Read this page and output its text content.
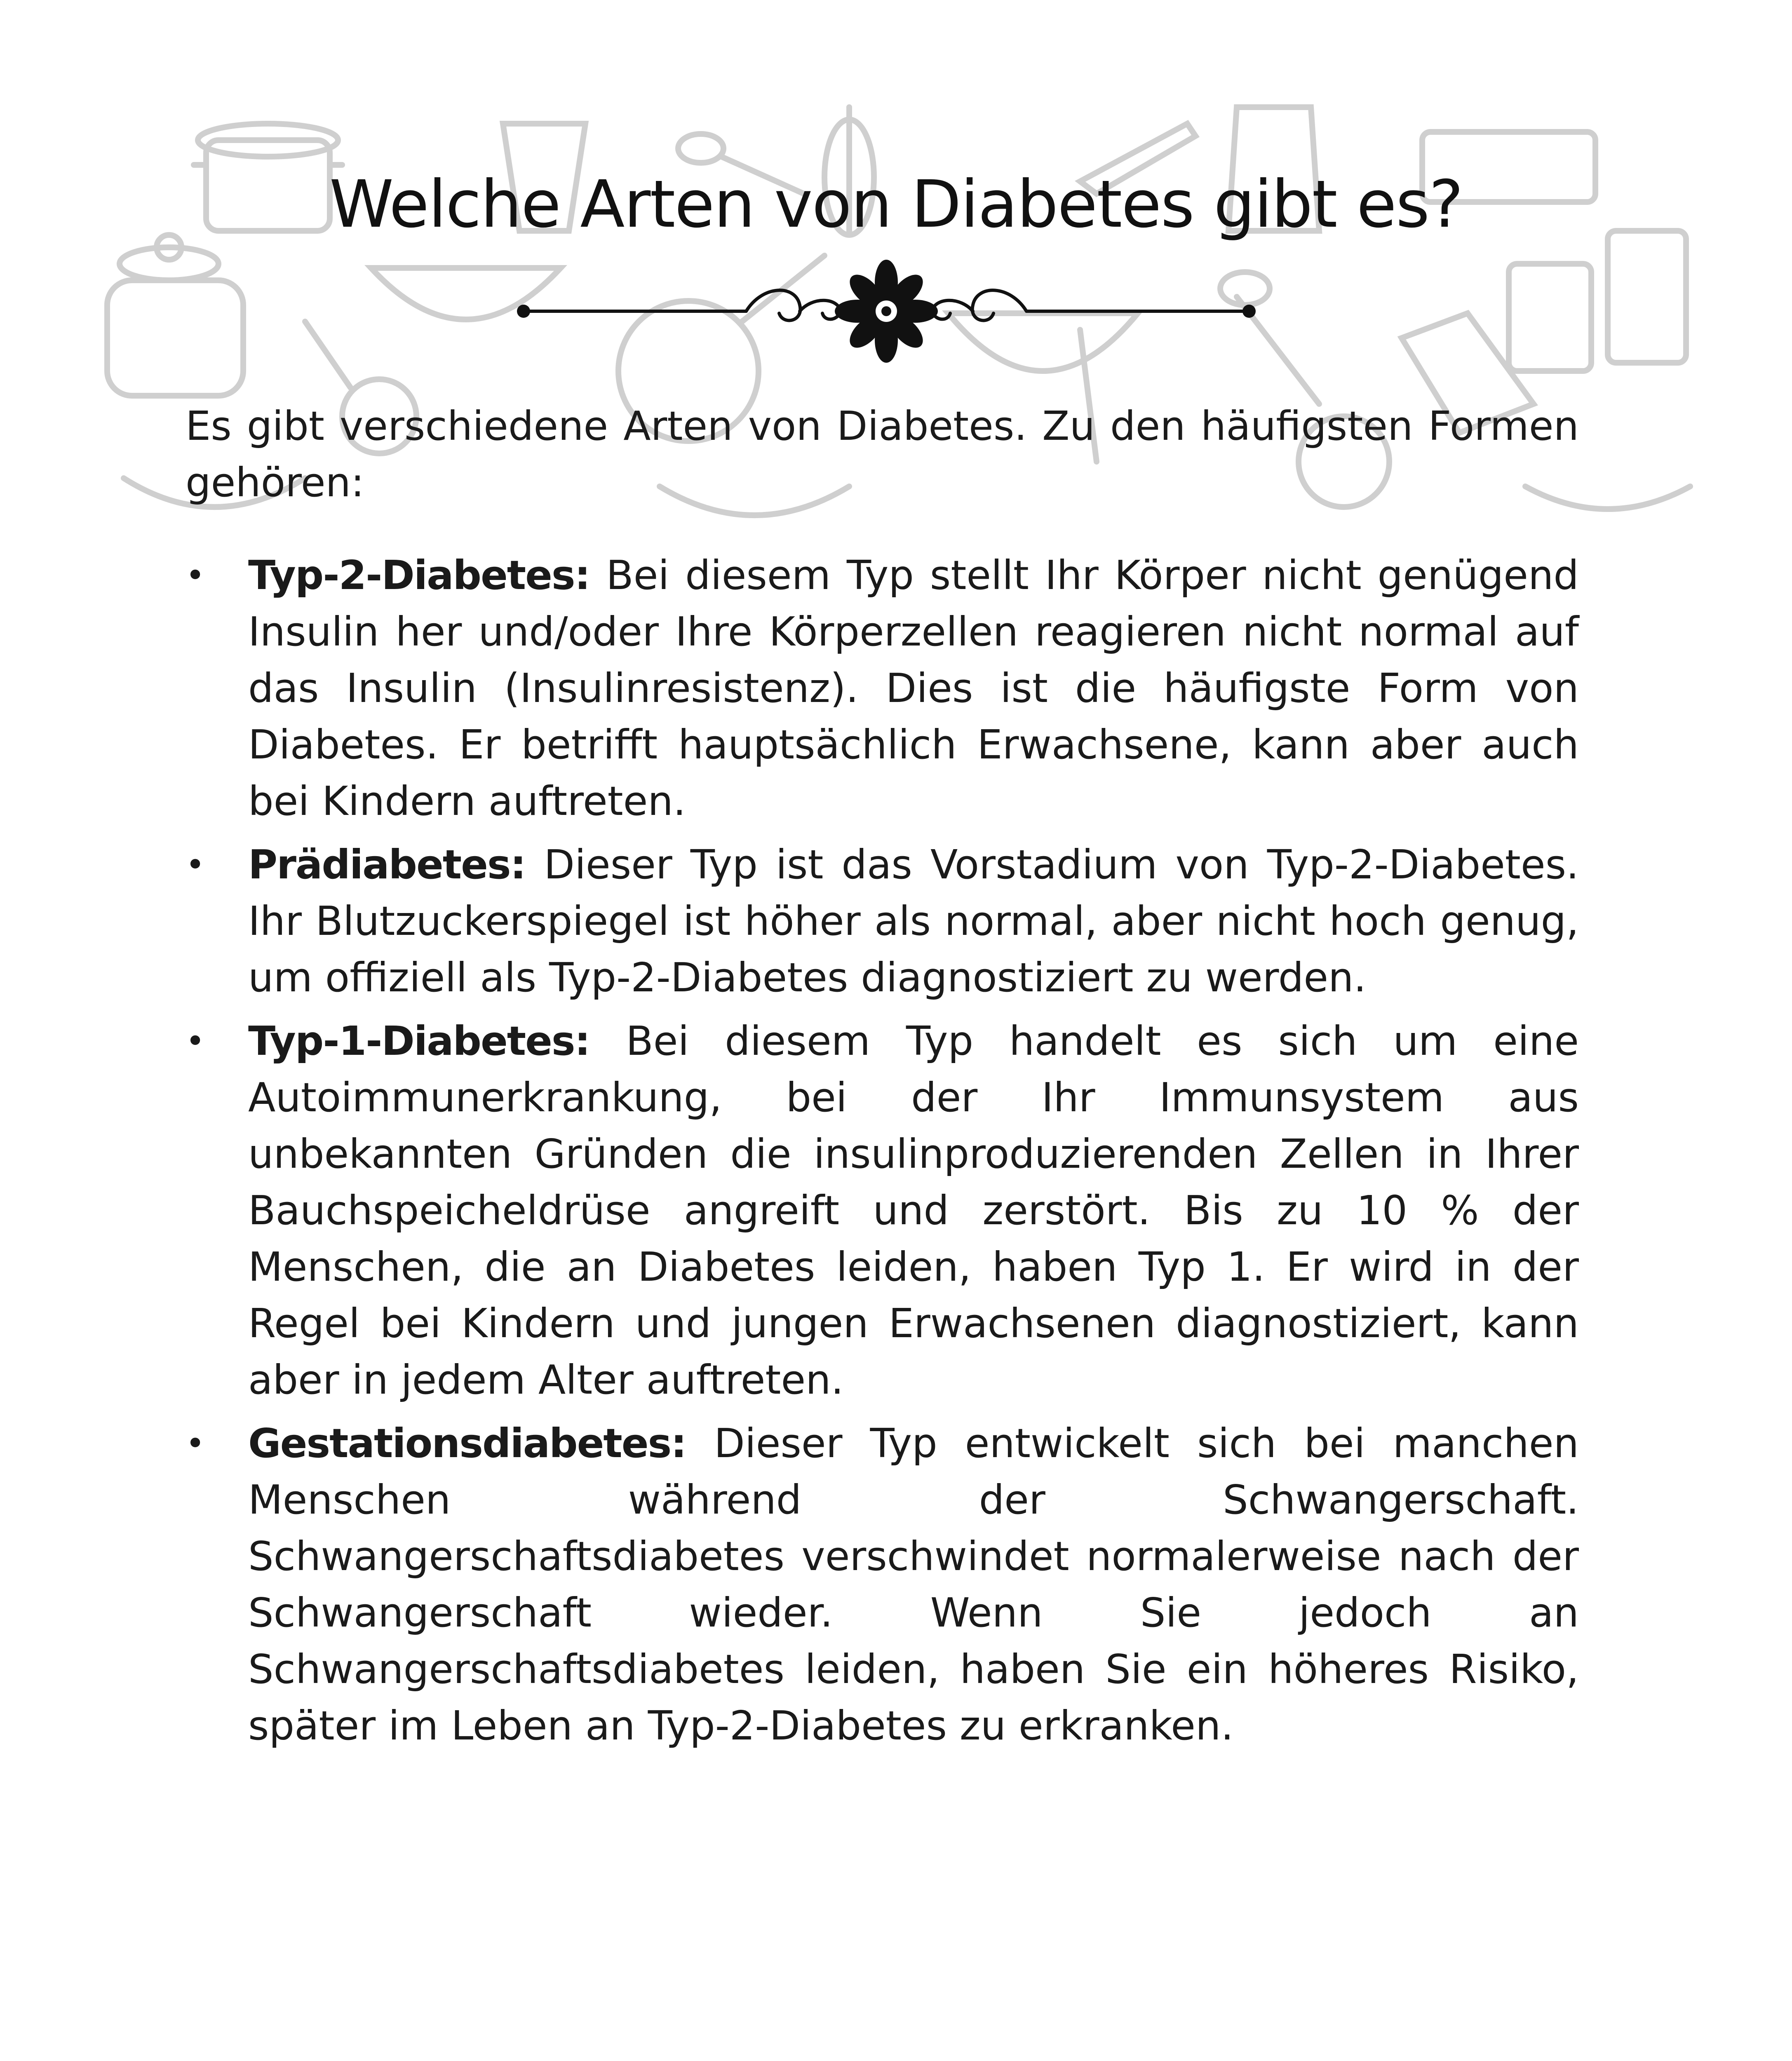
Welche Arten von Diabetes gibt es?

Es gibt verschiedene Arten von Diabetes. Zu den häufigsten Formen gehören:

•	Typ-2-Diabetes: Bei diesem Typ stellt Ihr Körper nicht genügend Insulin her und/oder Ihre Körperzellen reagieren nicht normal auf das Insulin (Insulinresistenz). Dies ist die häufigste Form von Diabetes. Er betrifft hauptsächlich Erwachsene, kann aber auch bei Kindern auftreten.
•	Prädiabetes: Dieser Typ ist das Vorstadium von Typ-2-Diabetes. Ihr Blutzuckerspiegel ist höher als normal, aber nicht hoch genug, um offiziell als Typ-2-Diabetes diagnostiziert zu werden.
•	Typ-1-Diabetes: Bei diesem Typ handelt es sich um eine Autoimmunerkrankung, bei der Ihr Immunsystem aus unbekannten Gründen die insulinproduzierenden Zellen in Ihrer Bauchspeicheldrüse angreift und zerstört. Bis zu 10 % der Menschen, die an Diabetes leiden, haben Typ 1. Er wird in der Regel bei Kindern und jungen Erwachsenen diagnostiziert, kann aber in jedem Alter auftreten.
•	Gestationsdiabetes: Dieser Typ entwickelt sich bei manchen Menschen während der Schwangerschaft. Schwangerschaftsdiabetes verschwindet normalerweise nach der Schwangerschaft wieder. Wenn Sie jedoch an Schwangerschaftsdiabetes leiden, haben Sie ein höheres Risiko, später im Leben an Typ-2-Diabetes zu erkranken.
